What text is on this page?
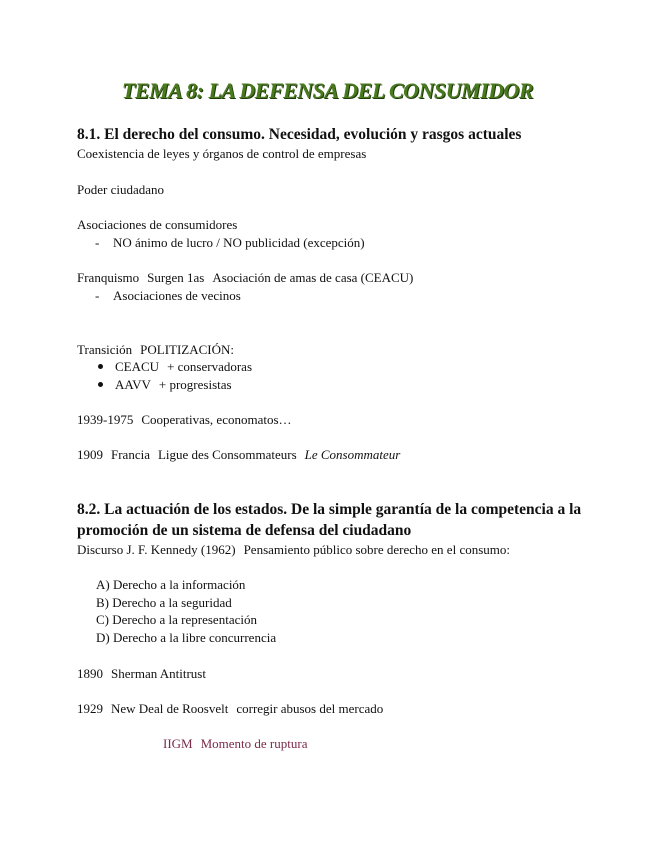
TEMA 8: LA DEFENSA DEL CONSUMIDOR
8.1. El derecho del consumo. Necesidad, evolución y rasgos actuales
Coexistencia de leyes y órganos de control de empresas
Poder ciudadano
Asociaciones de consumidores
- NO ánimo de lucro / NO publicidad (excepción)
Franquismo Surgen 1as Asociación de amas de casa (CEACU)
- Asociaciones de vecinos
Transición POLITIZACIÓN:
CEACU + conservadoras
AAVV + progresistas
1939-1975 Cooperativas, economatos…
1909 Francia Ligue des Consommateurs Le Consommateur
8.2. La actuación de los estados. De la simple garantía de la competencia a la
promoción de un sistema de defensa del ciudadano
Discurso J. F. Kennedy (1962) Pensamiento público sobre derecho en el consumo:
A) Derecho a la información
B) Derecho a la seguridad
C) Derecho a la representación
D) Derecho a la libre concurrencia
1890 Sherman Antitrust
1929 New Deal de Roosvelt corregir abusos del mercado
IIGM Momento de ruptura
